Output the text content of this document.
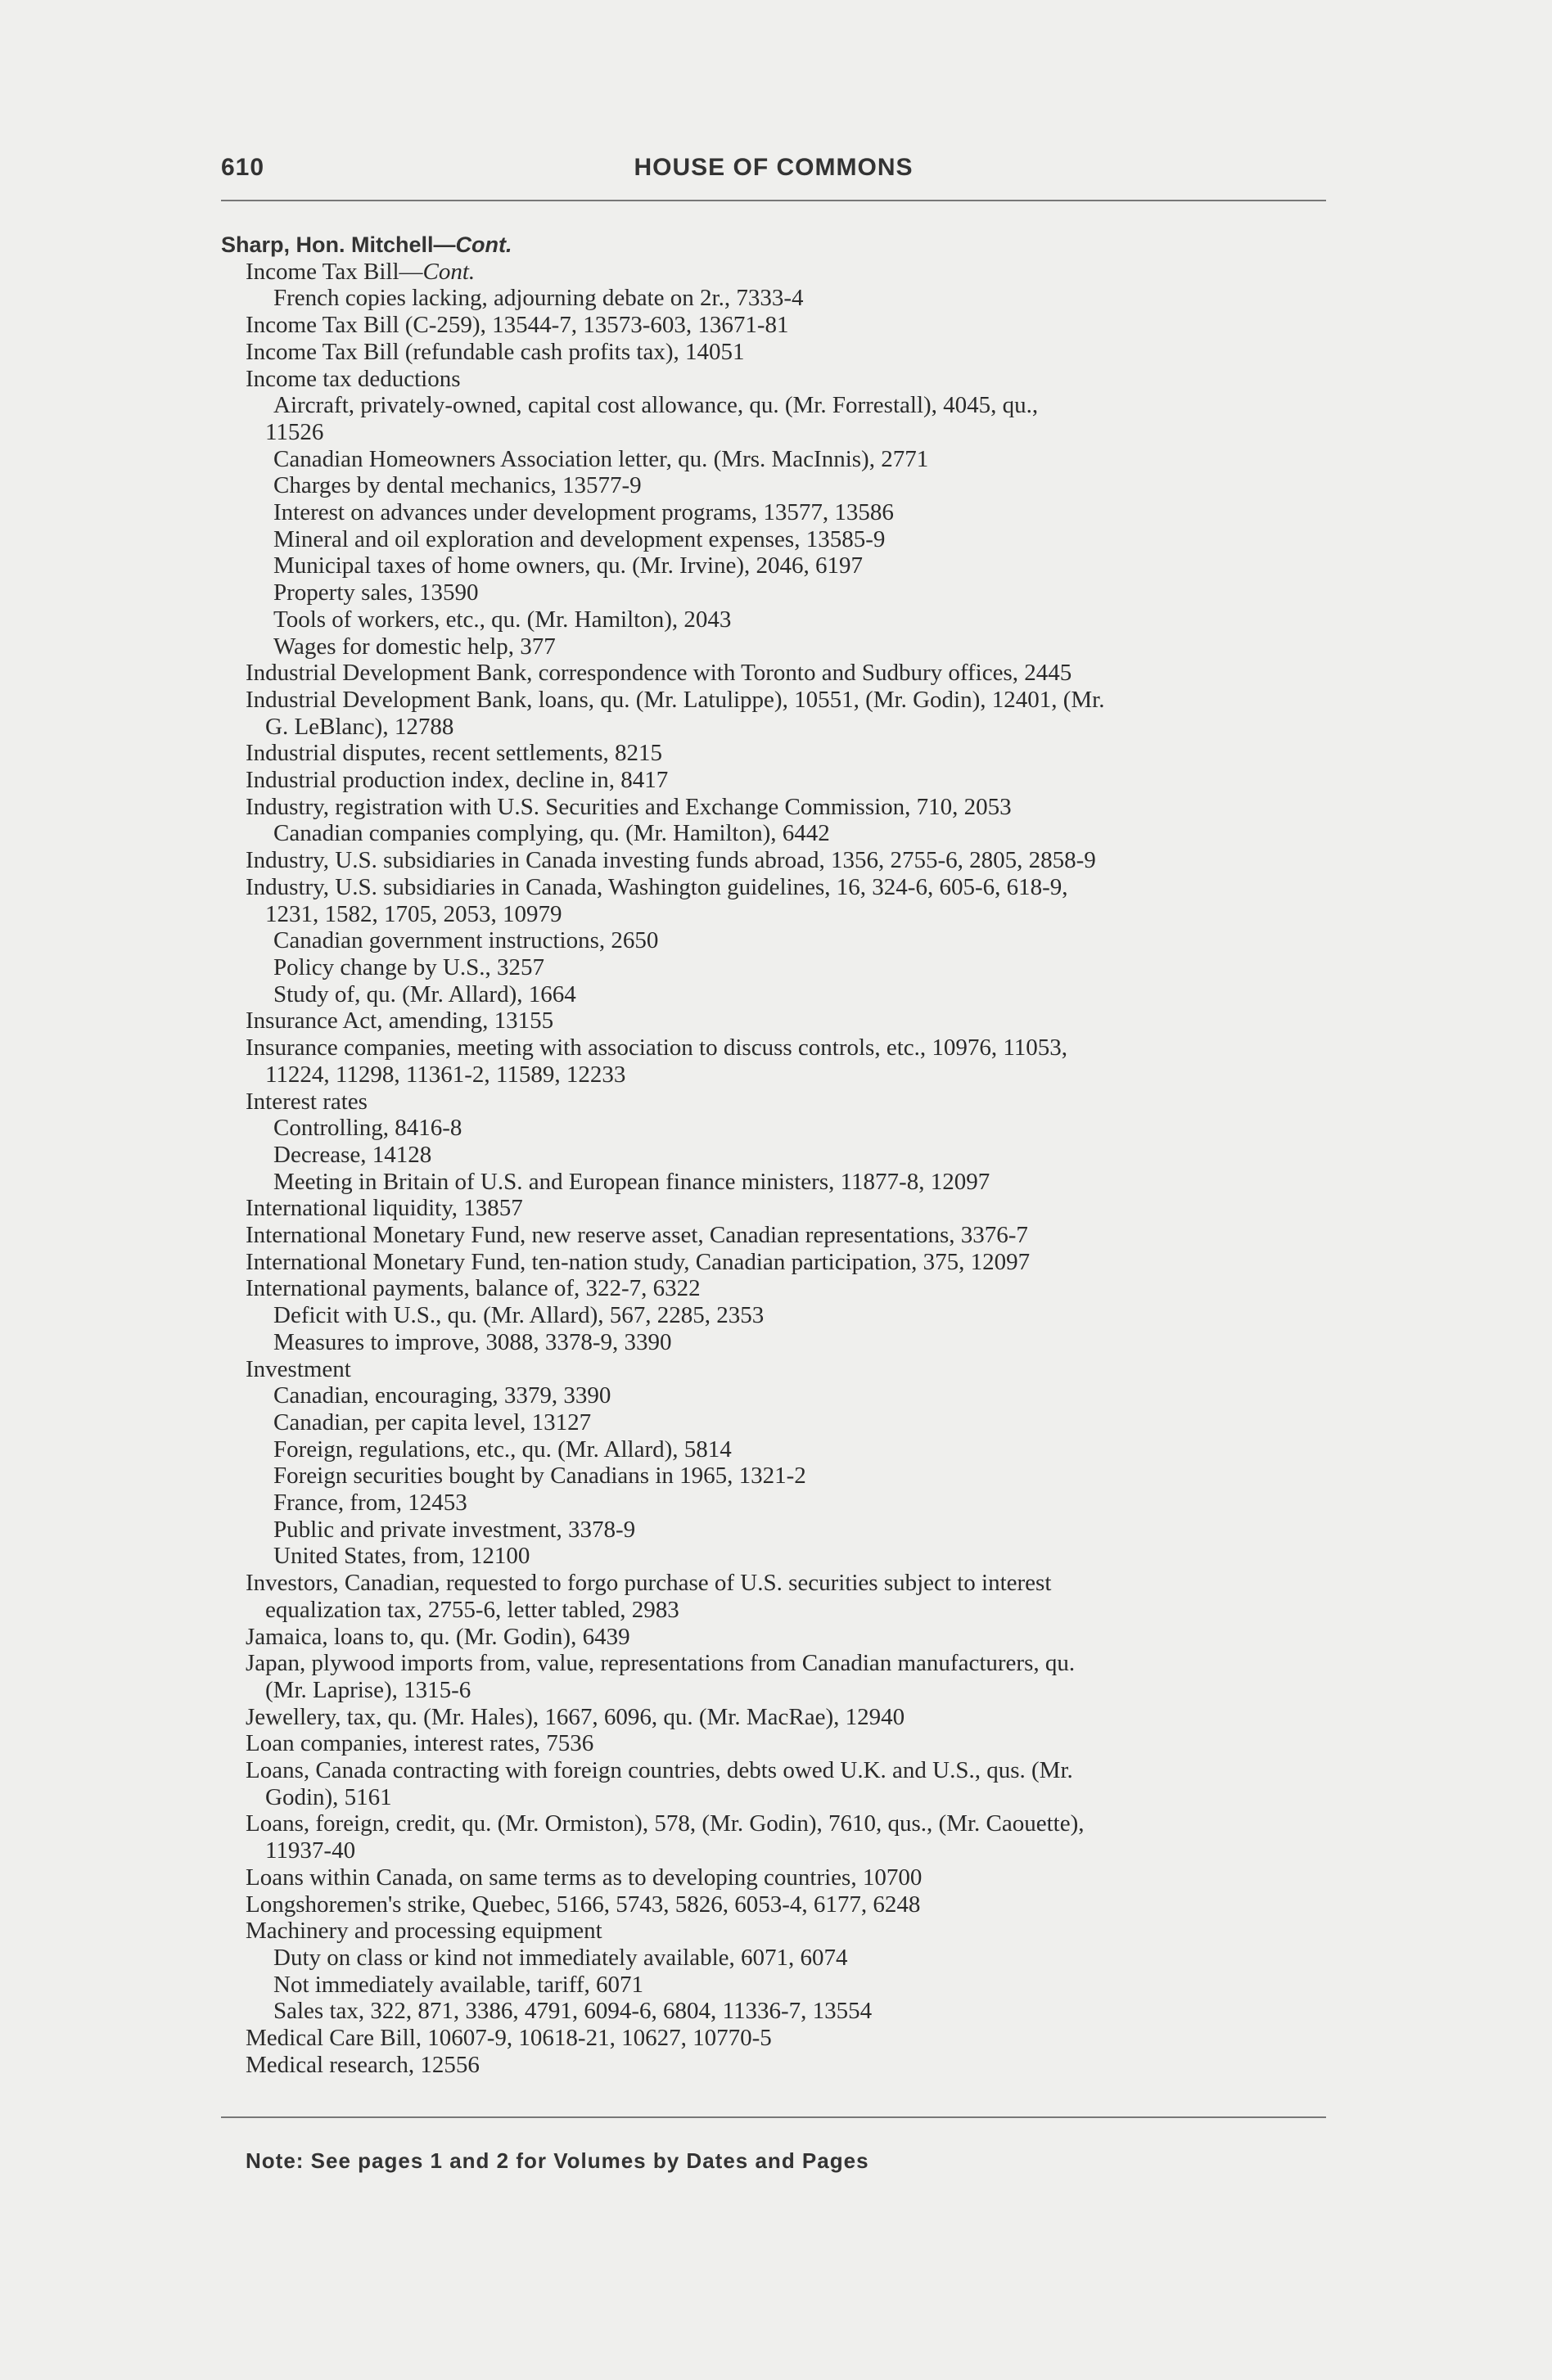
610	HOUSE OF COMMONS
Sharp, Hon. Mitchell—Cont.
Income Tax Bill—Cont.
French copies lacking, adjourning debate on 2r., 7333-4
Income Tax Bill (C-259), 13544-7, 13573-603, 13671-81
Income Tax Bill (refundable cash profits tax), 14051
Income tax deductions
Aircraft, privately-owned, capital cost allowance, qu. (Mr. Forrestall), 4045, qu.,
11526
Canadian Homeowners Association letter, qu. (Mrs. MacInnis), 2771
Charges by dental mechanics, 13577-9
Interest on advances under development programs, 13577, 13586
Mineral and oil exploration and development expenses, 13585-9
Municipal taxes of home owners, qu. (Mr. Irvine), 2046, 6197
Property sales, 13590
Tools of workers, etc., qu. (Mr. Hamilton), 2043
Wages for domestic help, 377
Industrial Development Bank, correspondence with Toronto and Sudbury offices, 2445
Industrial Development Bank, loans, qu. (Mr. Latulippe), 10551, (Mr. Godin), 12401, (Mr.
G. LeBlanc), 12788
Industrial disputes, recent settlements, 8215
Industrial production index, decline in, 8417
Industry, registration with U.S. Securities and Exchange Commission, 710, 2053
Canadian companies complying, qu. (Mr. Hamilton), 6442
Industry, U.S. subsidiaries in Canada investing funds abroad, 1356, 2755-6, 2805, 2858-9
Industry, U.S. subsidiaries in Canada, Washington guidelines, 16, 324-6, 605-6, 618-9,
1231, 1582, 1705, 2053, 10979
Canadian government instructions, 2650
Policy change by U.S., 3257
Study of, qu. (Mr. Allard), 1664
Insurance Act, amending, 13155
Insurance companies, meeting with association to discuss controls, etc., 10976, 11053,
11224, 11298, 11361-2, 11589, 12233
Interest rates
Controlling, 8416-8
Decrease, 14128
Meeting in Britain of U.S. and European finance ministers, 11877-8, 12097
International liquidity, 13857
International Monetary Fund, new reserve asset, Canadian representations, 3376-7
International Monetary Fund, ten-nation study, Canadian participation, 375, 12097
International payments, balance of, 322-7, 6322
Deficit with U.S., qu. (Mr. Allard), 567, 2285, 2353
Measures to improve, 3088, 3378-9, 3390
Investment
Canadian, encouraging, 3379, 3390
Canadian, per capita level, 13127
Foreign, regulations, etc., qu. (Mr. Allard), 5814
Foreign securities bought by Canadians in 1965, 1321-2
France, from, 12453
Public and private investment, 3378-9
United States, from, 12100
Investors, Canadian, requested to forgo purchase of U.S. securities subject to interest
equalization tax, 2755-6, letter tabled, 2983
Jamaica, loans to, qu. (Mr. Godin), 6439
Japan, plywood imports from, value, representations from Canadian manufacturers, qu.
(Mr. Laprise), 1315-6
Jewellery, tax, qu. (Mr. Hales), 1667, 6096, qu. (Mr. MacRae), 12940
Loan companies, interest rates, 7536
Loans, Canada contracting with foreign countries, debts owed U.K. and U.S., qus. (Mr.
Godin), 5161
Loans, foreign, credit, qu. (Mr. Ormiston), 578, (Mr. Godin), 7610, qus., (Mr. Caouette),
11937-40
Loans within Canada, on same terms as to developing countries, 10700
Longshoremen's strike, Quebec, 5166, 5743, 5826, 6053-4, 6177, 6248
Machinery and processing equipment
Duty on class or kind not immediately available, 6071, 6074
Not immediately available, tariff, 6071
Sales tax, 322, 871, 3386, 4791, 6094-6, 6804, 11336-7, 13554
Medical Care Bill, 10607-9, 10618-21, 10627, 10770-5
Medical research, 12556
Note: See pages 1 and 2 for Volumes by Dates and Pages
